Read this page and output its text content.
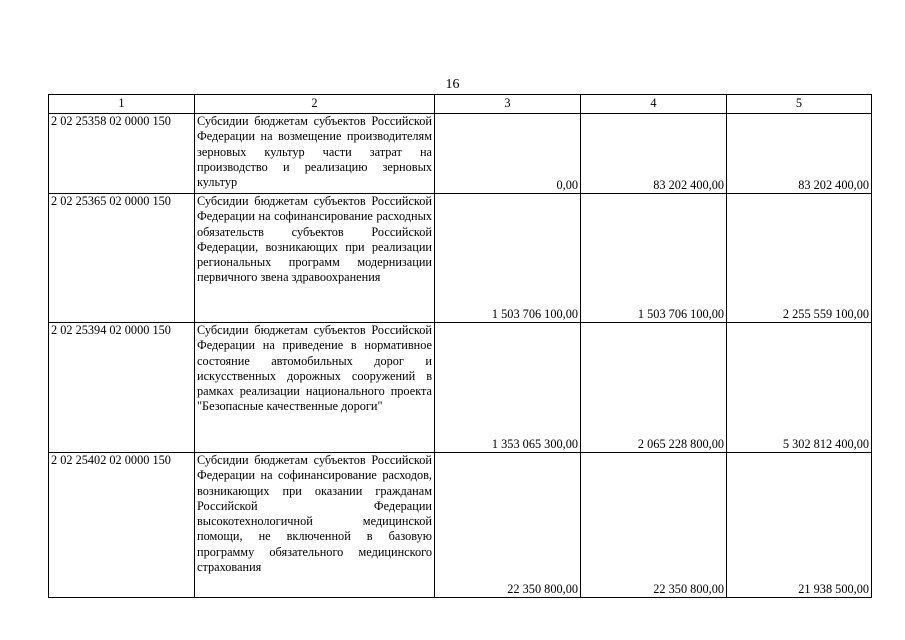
16
1	2	3	4	5
2 02 25358 02 0000 150	Субсидии бюджетам субъектов Российской Федерации на возмещение производителям зерновых культур части затрат на производство и реализацию зерновых культур	0,00	83 202 400,00	83 202 400,00
2 02 25365 02 0000 150	Субсидии бюджетам субъектов Российской Федерации на софинансирование расходных обязательств субъектов Российской Федерации, возникающих при реализации региональных программ модернизации первичного звена здравоохранения	1 503 706 100,00	1 503 706 100,00	2 255 559 100,00
2 02 25394 02 0000 150	Субсидии бюджетам субъектов Российской Федерации на приведение в нормативное состояние автомобильных дорог и искусственных дорожных сооружений в рамках реализации национального проекта "Безопасные качественные дороги"	1 353 065 300,00	2 065 228 800,00	5 302 812 400,00
2 02 25402 02 0000 150	Субсидии бюджетам субъектов Российской Федерации на софинансирование расходов, возникающих при оказании гражданам Российской Федерации высокотехнологичной медицинской помощи, не включенной в базовую программу обязательного медицинского страхования	22 350 800,00	22 350 800,00	21 938 500,00
